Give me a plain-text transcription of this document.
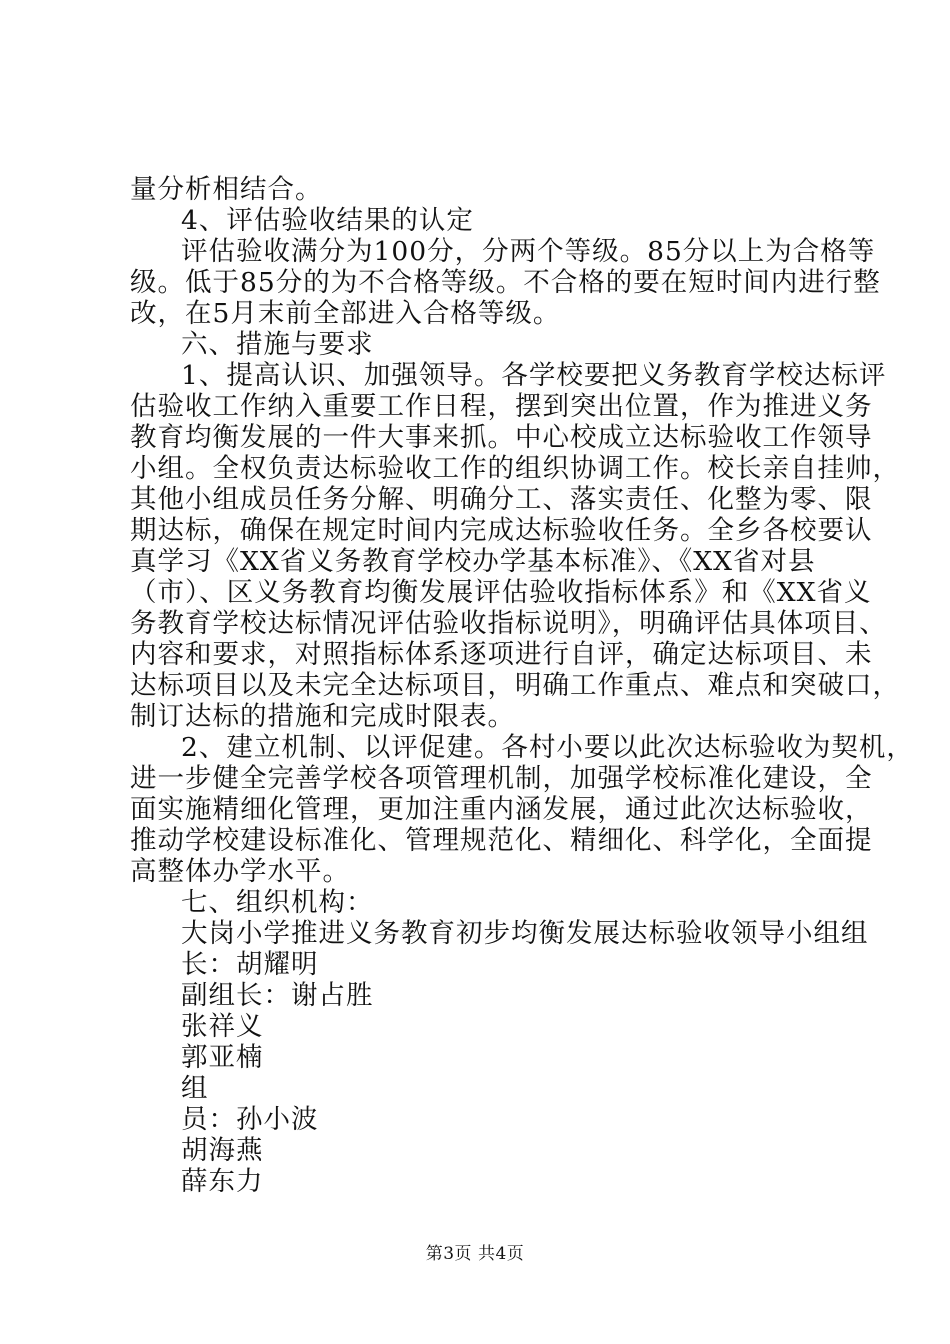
量分析相结合。
4、评估验收结果的认定
评估验收满分为100分，分两个等级。85分以上为合格等
级。低于85分的为不合格等级。不合格的要在短时间内进行整
改，在5月末前全部进入合格等级。
六、措施与要求
1、提高认识、加强领导。各学校要把义务教育学校达标评
估验收工作纳入重要工作日程，摆到突出位置，作为推进义务
教育均衡发展的一件大事来抓。中心校成立达标验收工作领导
小组。全权负责达标验收工作的组织协调工作。校长亲自挂帅，
其他小组成员任务分解、明确分工、落实责任、化整为零、限
期达标，确保在规定时间内完成达标验收任务。全乡各校要认
真学习《XX省义务教育学校办学基本标准》、《XX省对县
（市）、区义务教育均衡发展评估验收指标体系》和《XX省义
务教育学校达标情况评估验收指标说明》，明确评估具体项目、
内容和要求，对照指标体系逐项进行自评，确定达标项目、未
达标项目以及未完全达标项目，明确工作重点、难点和突破口，
制订达标的措施和完成时限表。
2、建立机制、以评促建。各村小要以此次达标验收为契机，
进一步健全完善学校各项管理机制，加强学校标准化建设，全
面实施精细化管理，更加注重内涵发展，通过此次达标验收，
推动学校建设标准化、管理规范化、精细化、科学化，全面提
高整体办学水平。
七、组织机构：
大岗小学推进义务教育初步均衡发展达标验收领导小组组
长：胡耀明
副组长：谢占胜
张祥义
郭亚楠
组
员：孙小波
胡海燕
薛东力
第3页 共4页
